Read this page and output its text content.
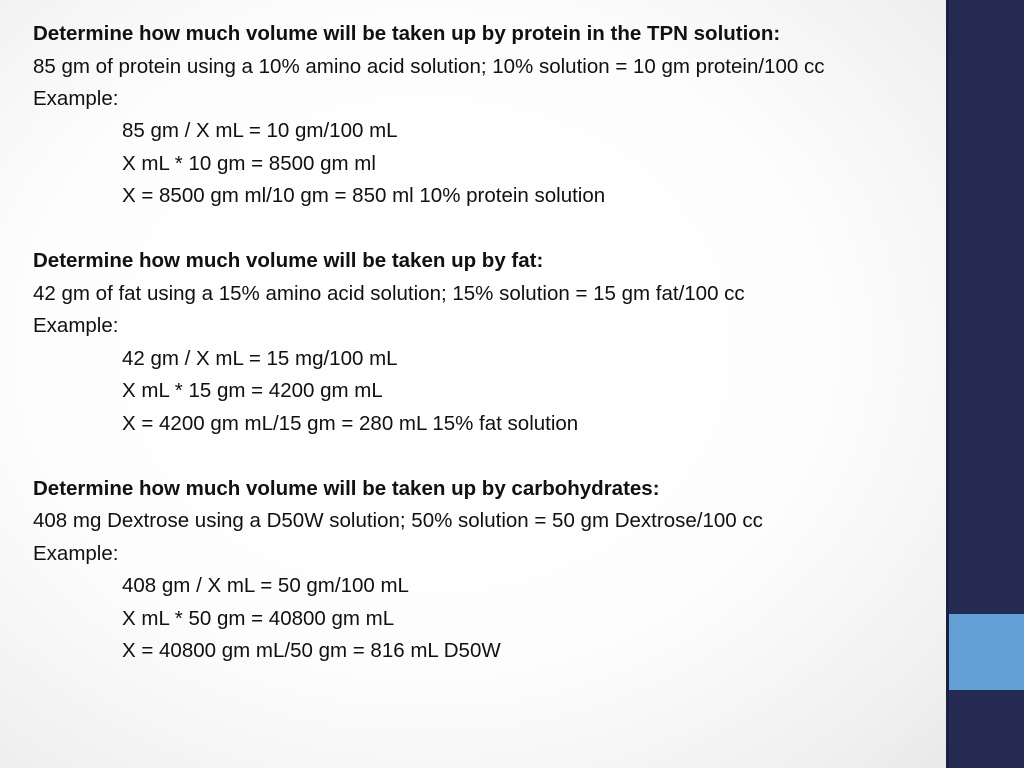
Determine how much volume will be taken up by protein in the TPN solution:

85 gm of protein using a 10% amino acid solution; 10% solution = 10 gm protein/100 cc

Example:

85 gm / X mL = 10 gm/100 mL

X mL * 10 gm = 8500 gm ml

X = 8500 gm ml/10 gm = 850 ml 10% protein solution

Determine how much volume will be taken up by fat:

42 gm of fat using a 15% amino acid solution; 15% solution = 15 gm fat/100 cc

Example:

42 gm / X mL = 15 mg/100 mL

X mL * 15 gm = 4200 gm mL

X = 4200 gm mL/15 gm = 280 mL 15% fat solution

Determine how much volume will be taken up by carbohydrates:

408 mg Dextrose using a D50W solution; 50% solution = 50 gm Dextrose/100 cc

Example:

408 gm / X mL = 50 gm/100 mL

X mL * 50 gm = 40800 gm mL

X = 40800 gm mL/50 gm = 816 mL D50W
